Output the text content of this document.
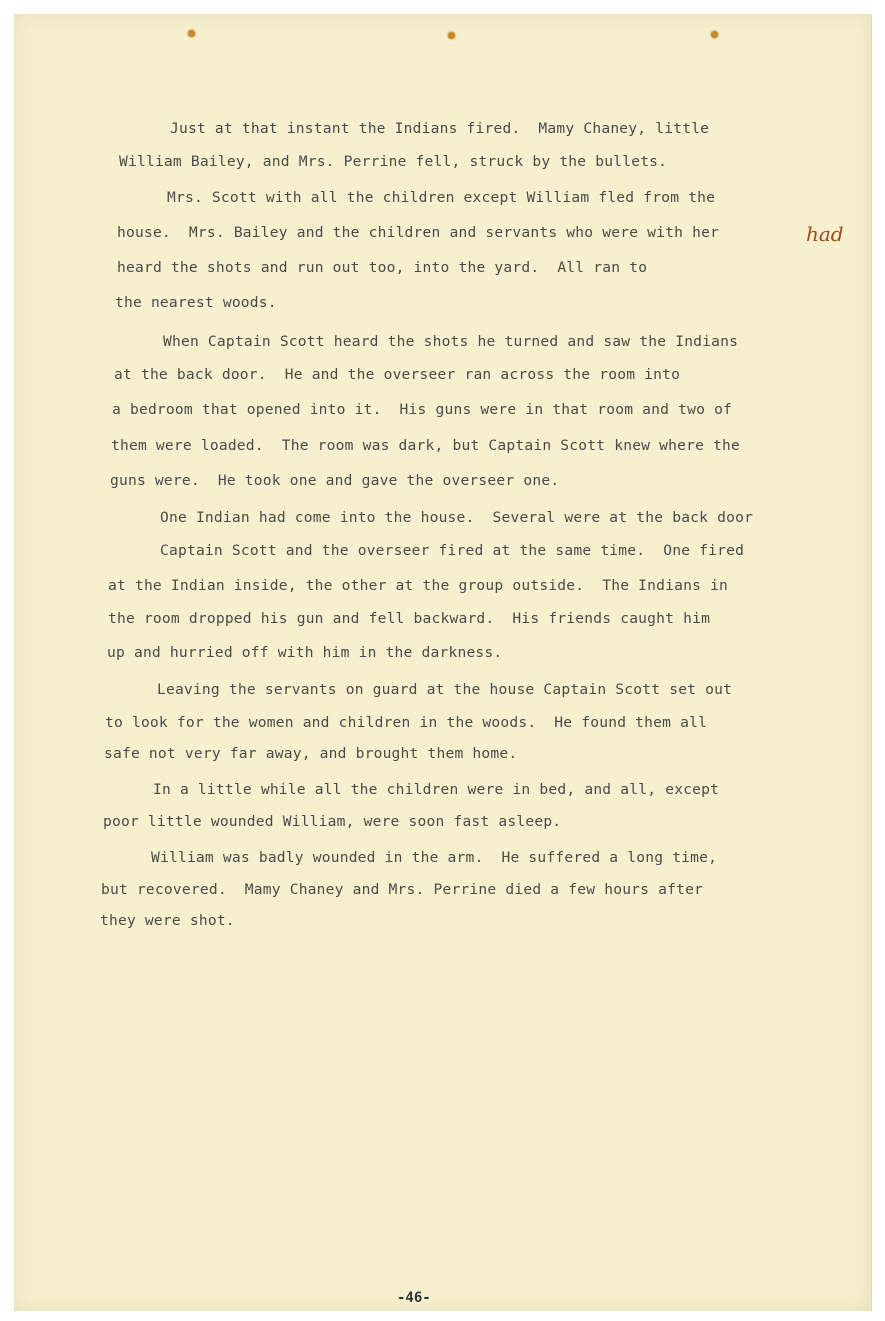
Just at that instant the Indians fired.  Mamy Chaney, little
William Bailey, and Mrs. Perrine fell, struck by the bullets.
Mrs. Scott with all the children except William fled from the
house.  Mrs. Bailey and the children and servants who were with her	had
heard the shots and run out too, into the yard.  All ran to
the nearest woods.
When Captain Scott heard the shots he turned and saw the Indians
at the back door.  He and the overseer ran across the room into
a bedroom that opened into it.  His guns were in that room and two of
them were loaded.  The room was dark, but Captain Scott knew where the
guns were.  He took one and gave the overseer one.
One Indian had come into the house.  Several were at the back door
Captain Scott and the overseer fired at the same time.  One fired
at the Indian inside, the other at the group outside.  The Indians in
the room dropped his gun and fell backward.  His friends caught him
up and hurried off with him in the darkness.
Leaving the servants on guard at the house Captain Scott set out
to look for the women and children in the woods.  He found them all
safe not very far away, and brought them home.
In a little while all the children were in bed, and all, except
poor little wounded William, were soon fast asleep.
William was badly wounded in the arm.  He suffered a long time,
but recovered.  Mamy Chaney and Mrs. Perrine died a few hours after
they were shot.
-46-
